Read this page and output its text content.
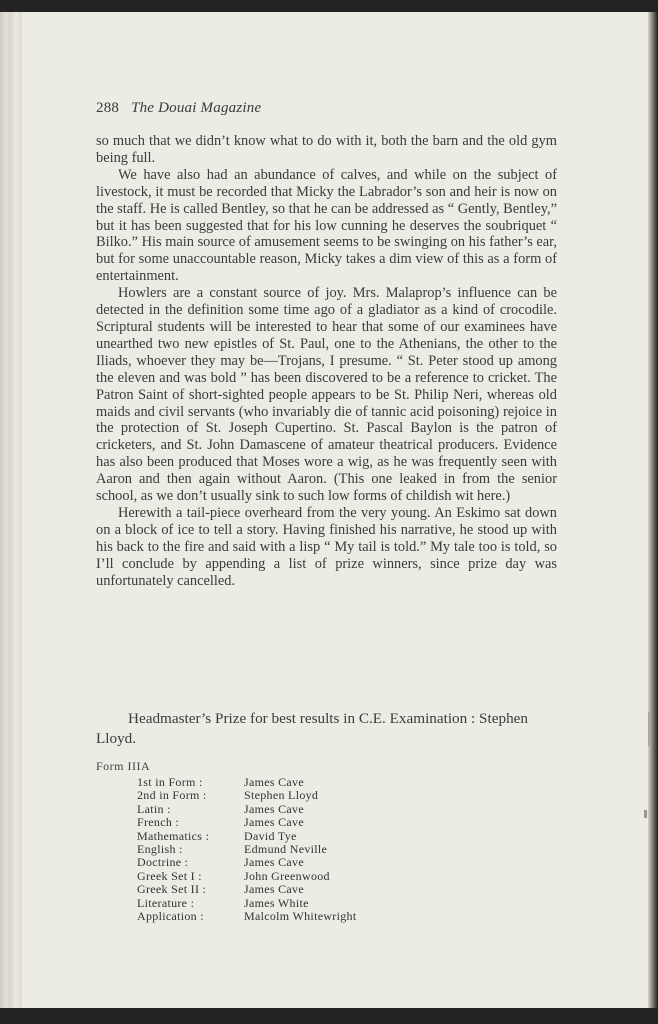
288 The Douai Magazine

so much that we didn’t know what to do with it, both the barn and the old gym being full.

We have also had an abundance of calves, and while on the subject of livestock, it must be recorded that Micky the Labrador’s son and heir is now on the staff. He is called Bentley, so that he can be addressed as “ Gently, Bentley,” but it has been suggested that for his low cunning he deserves the soubriquet “ Bilko.” His main source of amusement seems to be swinging on his father’s ear, but for some unaccountable reason, Micky takes a dim view of this as a form of entertainment.

Howlers are a constant source of joy. Mrs. Malaprop’s influence can be detected in the definition some time ago of a gladiator as a kind of crocodile. Scriptural students will be interested to hear that some of our examinees have unearthed two new epistles of St. Paul, one to the Athenians, the other to the Iliads, whoever they may be—Trojans, I presume. “ St. Peter stood up among the eleven and was bold ” has been discovered to be a reference to cricket. The Patron Saint of short-sighted people appears to be St. Philip Neri, whereas old maids and civil servants (who invariably die of tannic acid poisoning) rejoice in the protection of St. Joseph Cupertino. St. Pascal Baylon is the patron of cricketers, and St. John Damascene of amateur theatrical producers. Evidence has also been produced that Moses wore a wig, as he was frequently seen with Aaron and then again without Aaron. (This one leaked in from the senior school, as we don’t usually sink to such low forms of childish wit here.)

Herewith a tail-piece overheard from the very young. An Eskimo sat down on a block of ice to tell a story. Having finished his narrative, he stood up with his back to the fire and said with a lisp “ My tail is told.” My tale too is told, so I’ll conclude by appending a list of prize winners, since prize day was unfortunately cancelled.

Headmaster’s Prize for best results in C.E. Examination : Stephen Lloyd.
Form IIIA
1st in Form :	James Cave
2nd in Form :	Stephen Lloyd
Latin :	James Cave
French :	James Cave
Mathematics :	David Tye
English :	Edmund Neville
Doctrine :	James Cave
Greek Set I :	John Greenwood
Greek Set II :	James Cave
Literature :	James White
Application :	Malcolm Whitewright
